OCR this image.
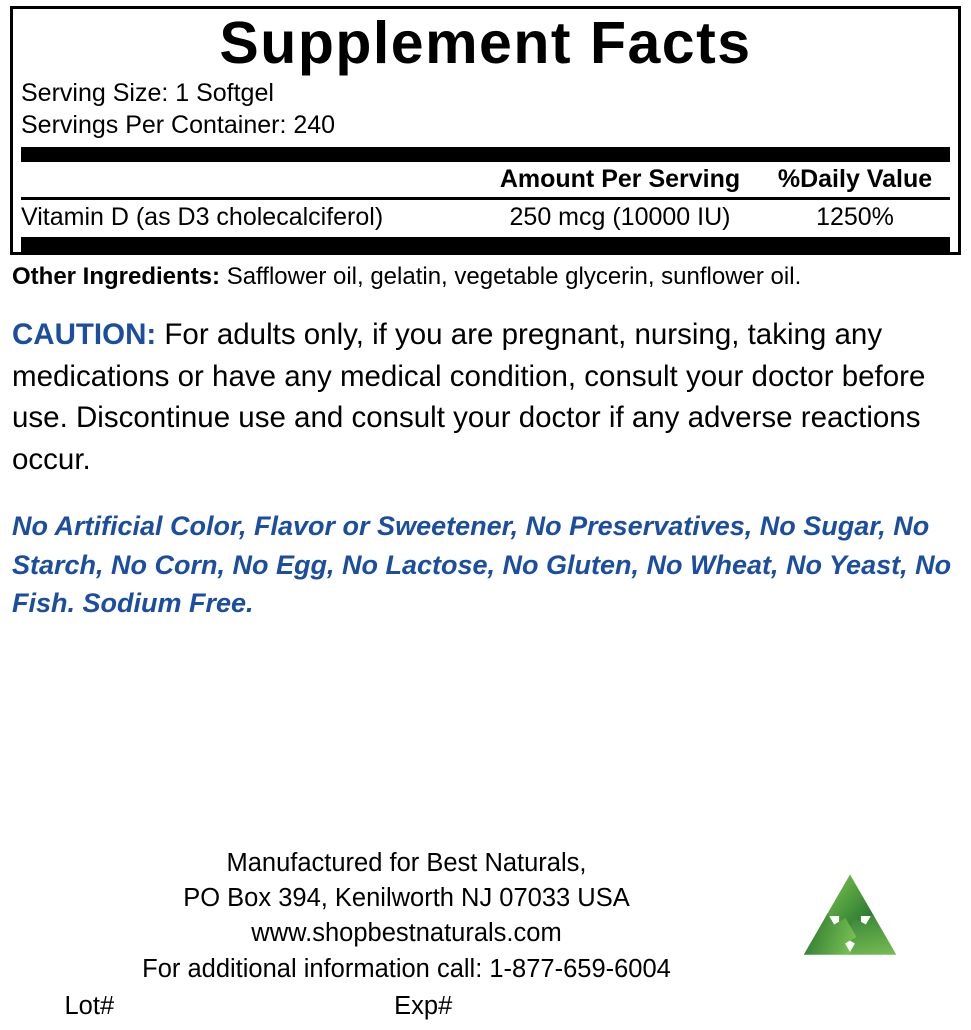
Supplement Facts
Serving Size: 1 Softgel
Servings Per Container: 240
	Amount Per Serving	%Daily Value
Vitamin D (as D3 cholecalciferol)	250 mcg (10000 IU)	1250%
Other Ingredients: Safflower oil, gelatin, vegetable glycerin, sunflower oil.
CAUTION: For adults only, if you are pregnant, nursing, taking any medications or have any medical condition, consult your doctor before use. Discontinue use and consult your doctor if any adverse reactions occur.
No Artificial Color, Flavor or Sweetener, No Preservatives, No Sugar, No Starch, No Corn, No Egg, No Lactose, No Gluten, No Wheat, No Yeast, No Fish. Sodium Free.
Manufactured for Best Naturals,
PO Box 394, Kenilworth NJ 07033 USA
www.shopbestnaturals.com
For additional information call: 1-877-659-6004
Lot#	Exp#
